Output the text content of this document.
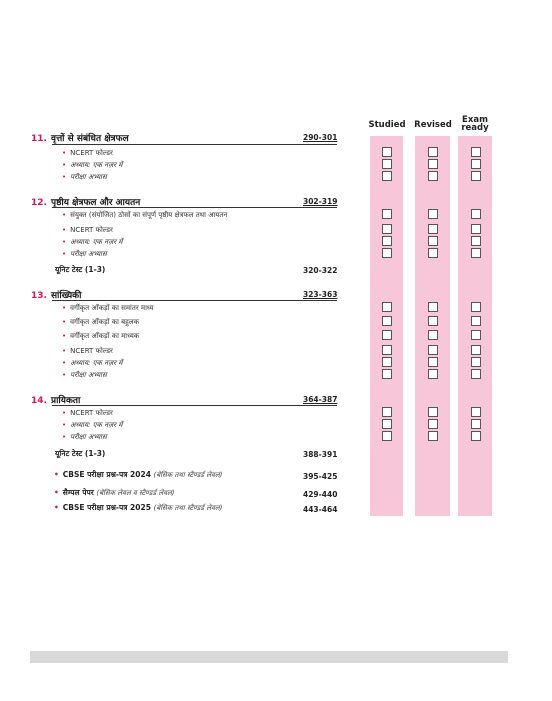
Studied	Revised	Exam
ready
11. वृत्तों से संबंधित क्षेत्रफल	290-301
• NCERT फोल्डर
• अध्याय: एक नज़र में
• परीक्षा अभ्यास
12. पृष्ठीय क्षेत्रफल और आयतन	302-319
• संयुक्त (संयोजित) ठोसों का संपूर्ण पृष्ठीय क्षेत्रफल तथा आयतन
• NCERT फोल्डर
• अध्याय: एक नज़र में
• परीक्षा अभ्यास
यूनिट टेस्ट (1-3)	320-322
13. सांख्यिकी	323-363
• वर्गीकृत आँकड़ों का समांतर माध्य
• वर्गीकृत आँकड़ों का बहुलक
• वर्गीकृत आँकड़ों का माध्यक
• NCERT फोल्डर
• अध्याय: एक नज़र में
• परीक्षा अभ्यास
14. प्रायिकता	364-387
• NCERT फोल्डर
• अध्याय: एक नज़र में
• परीक्षा अभ्यास
यूनिट टेस्ट (1-3)	388-391
• CBSE परीक्षा प्रश्न-पत्र 2024 (बेसिक तथा स्टैण्डर्ड लेवल)	395-425
• सैम्पल पेपर (बेसिक लेवल व स्टैण्डर्ड लेवल)	429-440
• CBSE परीक्षा प्रश्न-पत्र 2025 (बेसिक तथा स्टैण्डर्ड लेवल)	443-464
